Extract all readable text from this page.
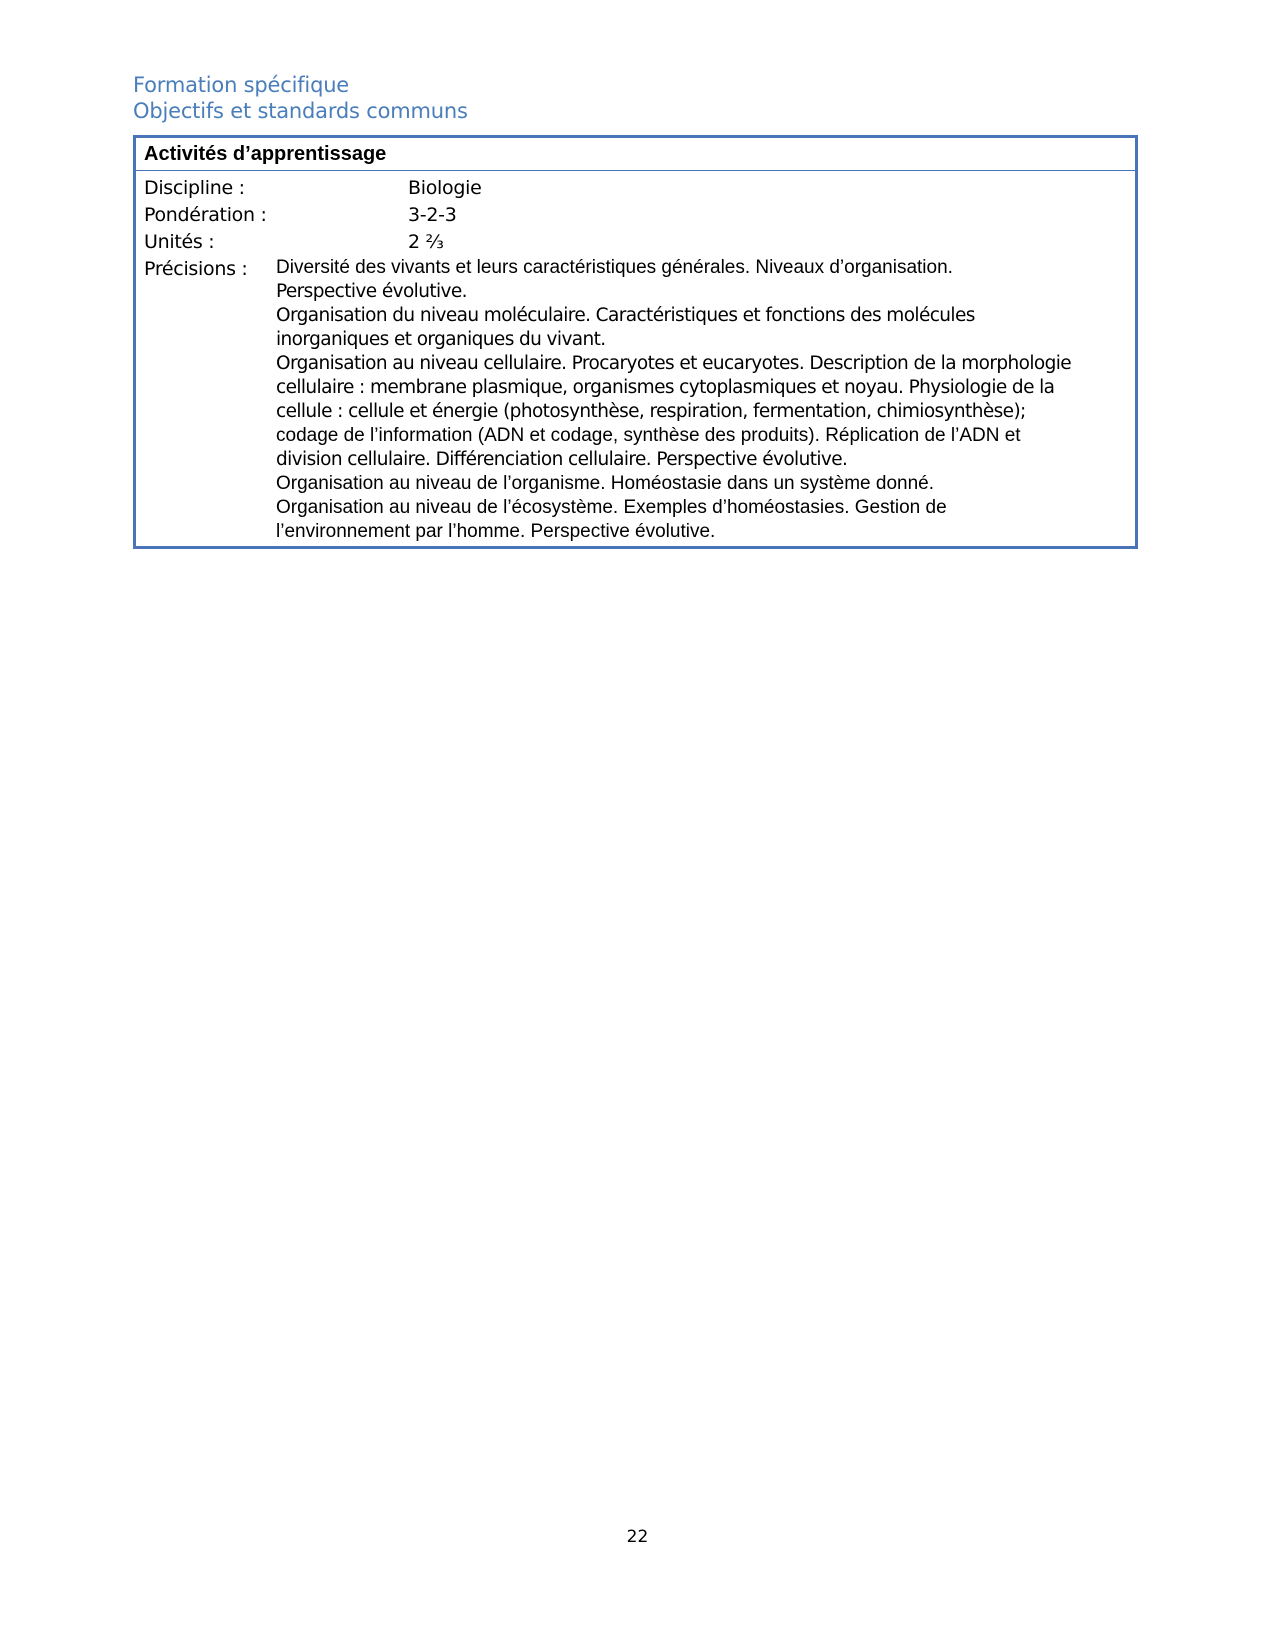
Formation spécifique
Objectifs et standards communs
Activités d’apprentissage
Discipline :	Biologie
Pondération :	3-2-3
Unités :	2 ⅔
Précisions : Diversité des vivants et leurs caractéristiques générales. Niveaux d’organisation.
Perspective évolutive.
Organisation du niveau moléculaire. Caractéristiques et fonctions des molécules
inorganiques et organiques du vivant.
Organisation au niveau cellulaire. Procaryotes et eucaryotes. Description de la morphologie
cellulaire : membrane plasmique, organismes cytoplasmiques et noyau. Physiologie de la
cellule : cellule et énergie (photosynthèse, respiration, fermentation, chimiosynthèse);
codage de l’information (ADN et codage, synthèse des produits). Réplication de l’ADN et
division cellulaire. Différenciation cellulaire. Perspective évolutive.
Organisation au niveau de l’organisme. Homéostasie dans un système donné.
Organisation au niveau de l’écosystème. Exemples d’homéostasies. Gestion de
l’environnement par l’homme. Perspective évolutive.
22
